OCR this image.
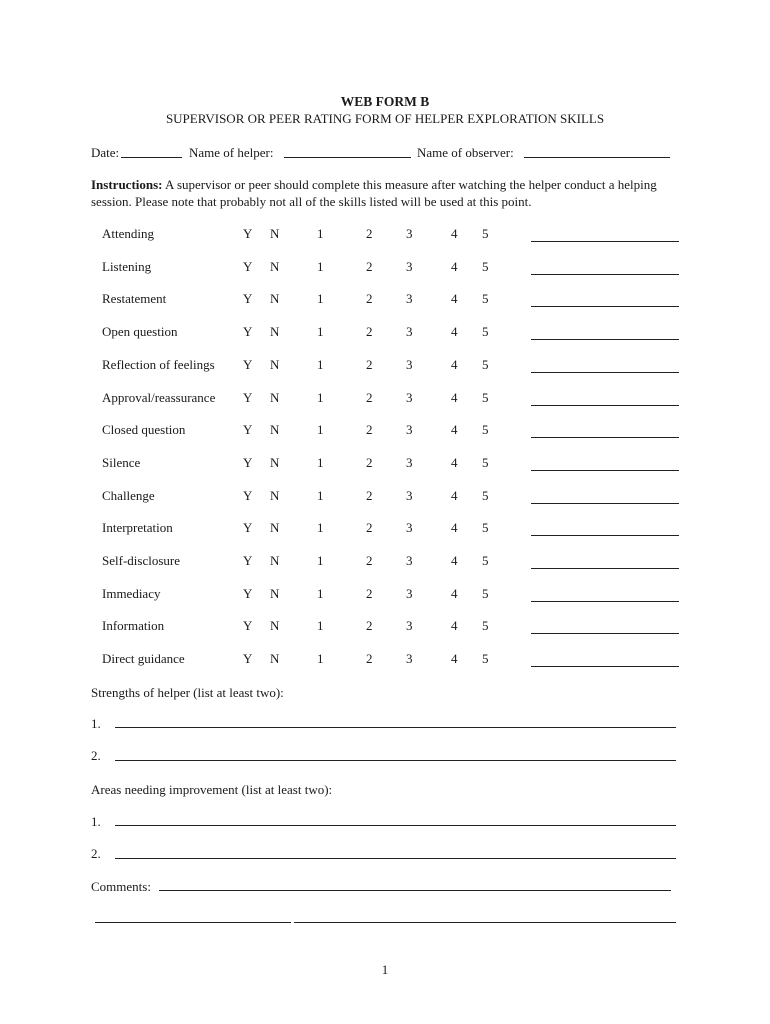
WEB FORM B
SUPERVISOR OR PEER RATING FORM OF HELPER EXPLORATION SKILLS
Date:	Name of helper:	Name of observer:
Instructions: A supervisor or peer should complete this measure after watching the helper conduct a helping session. Please note that probably not all of the skills listed will be used at this point.
Attending	Y N	1	2	3	4 5
Listening	Y N	1	2	3	4 5
Restatement	Y N	1	2	3	4 5
Open question	Y N	1	2	3	4 5
Reflection of feelings Y N	1	2	3	4 5
Approval/reassurance Y N	1	2	3	4 5
Closed question	Y N	1	2	3	4 5
Silence	Y N	1	2	3	4 5
Challenge	Y N	1	2	3	4 5
Interpretation	Y N	1	2	3	4 5
Self-disclosure	Y N	1	2	3	4 5
Immediacy	Y N	1	2	3	4 5
Information	Y N	1	2	3	4 5
Direct guidance	Y N	1	2	3	4 5
Strengths of helper (list at least two):
1.
2.
Areas needing improvement (list at least two):
1.
2.
Comments:
1
